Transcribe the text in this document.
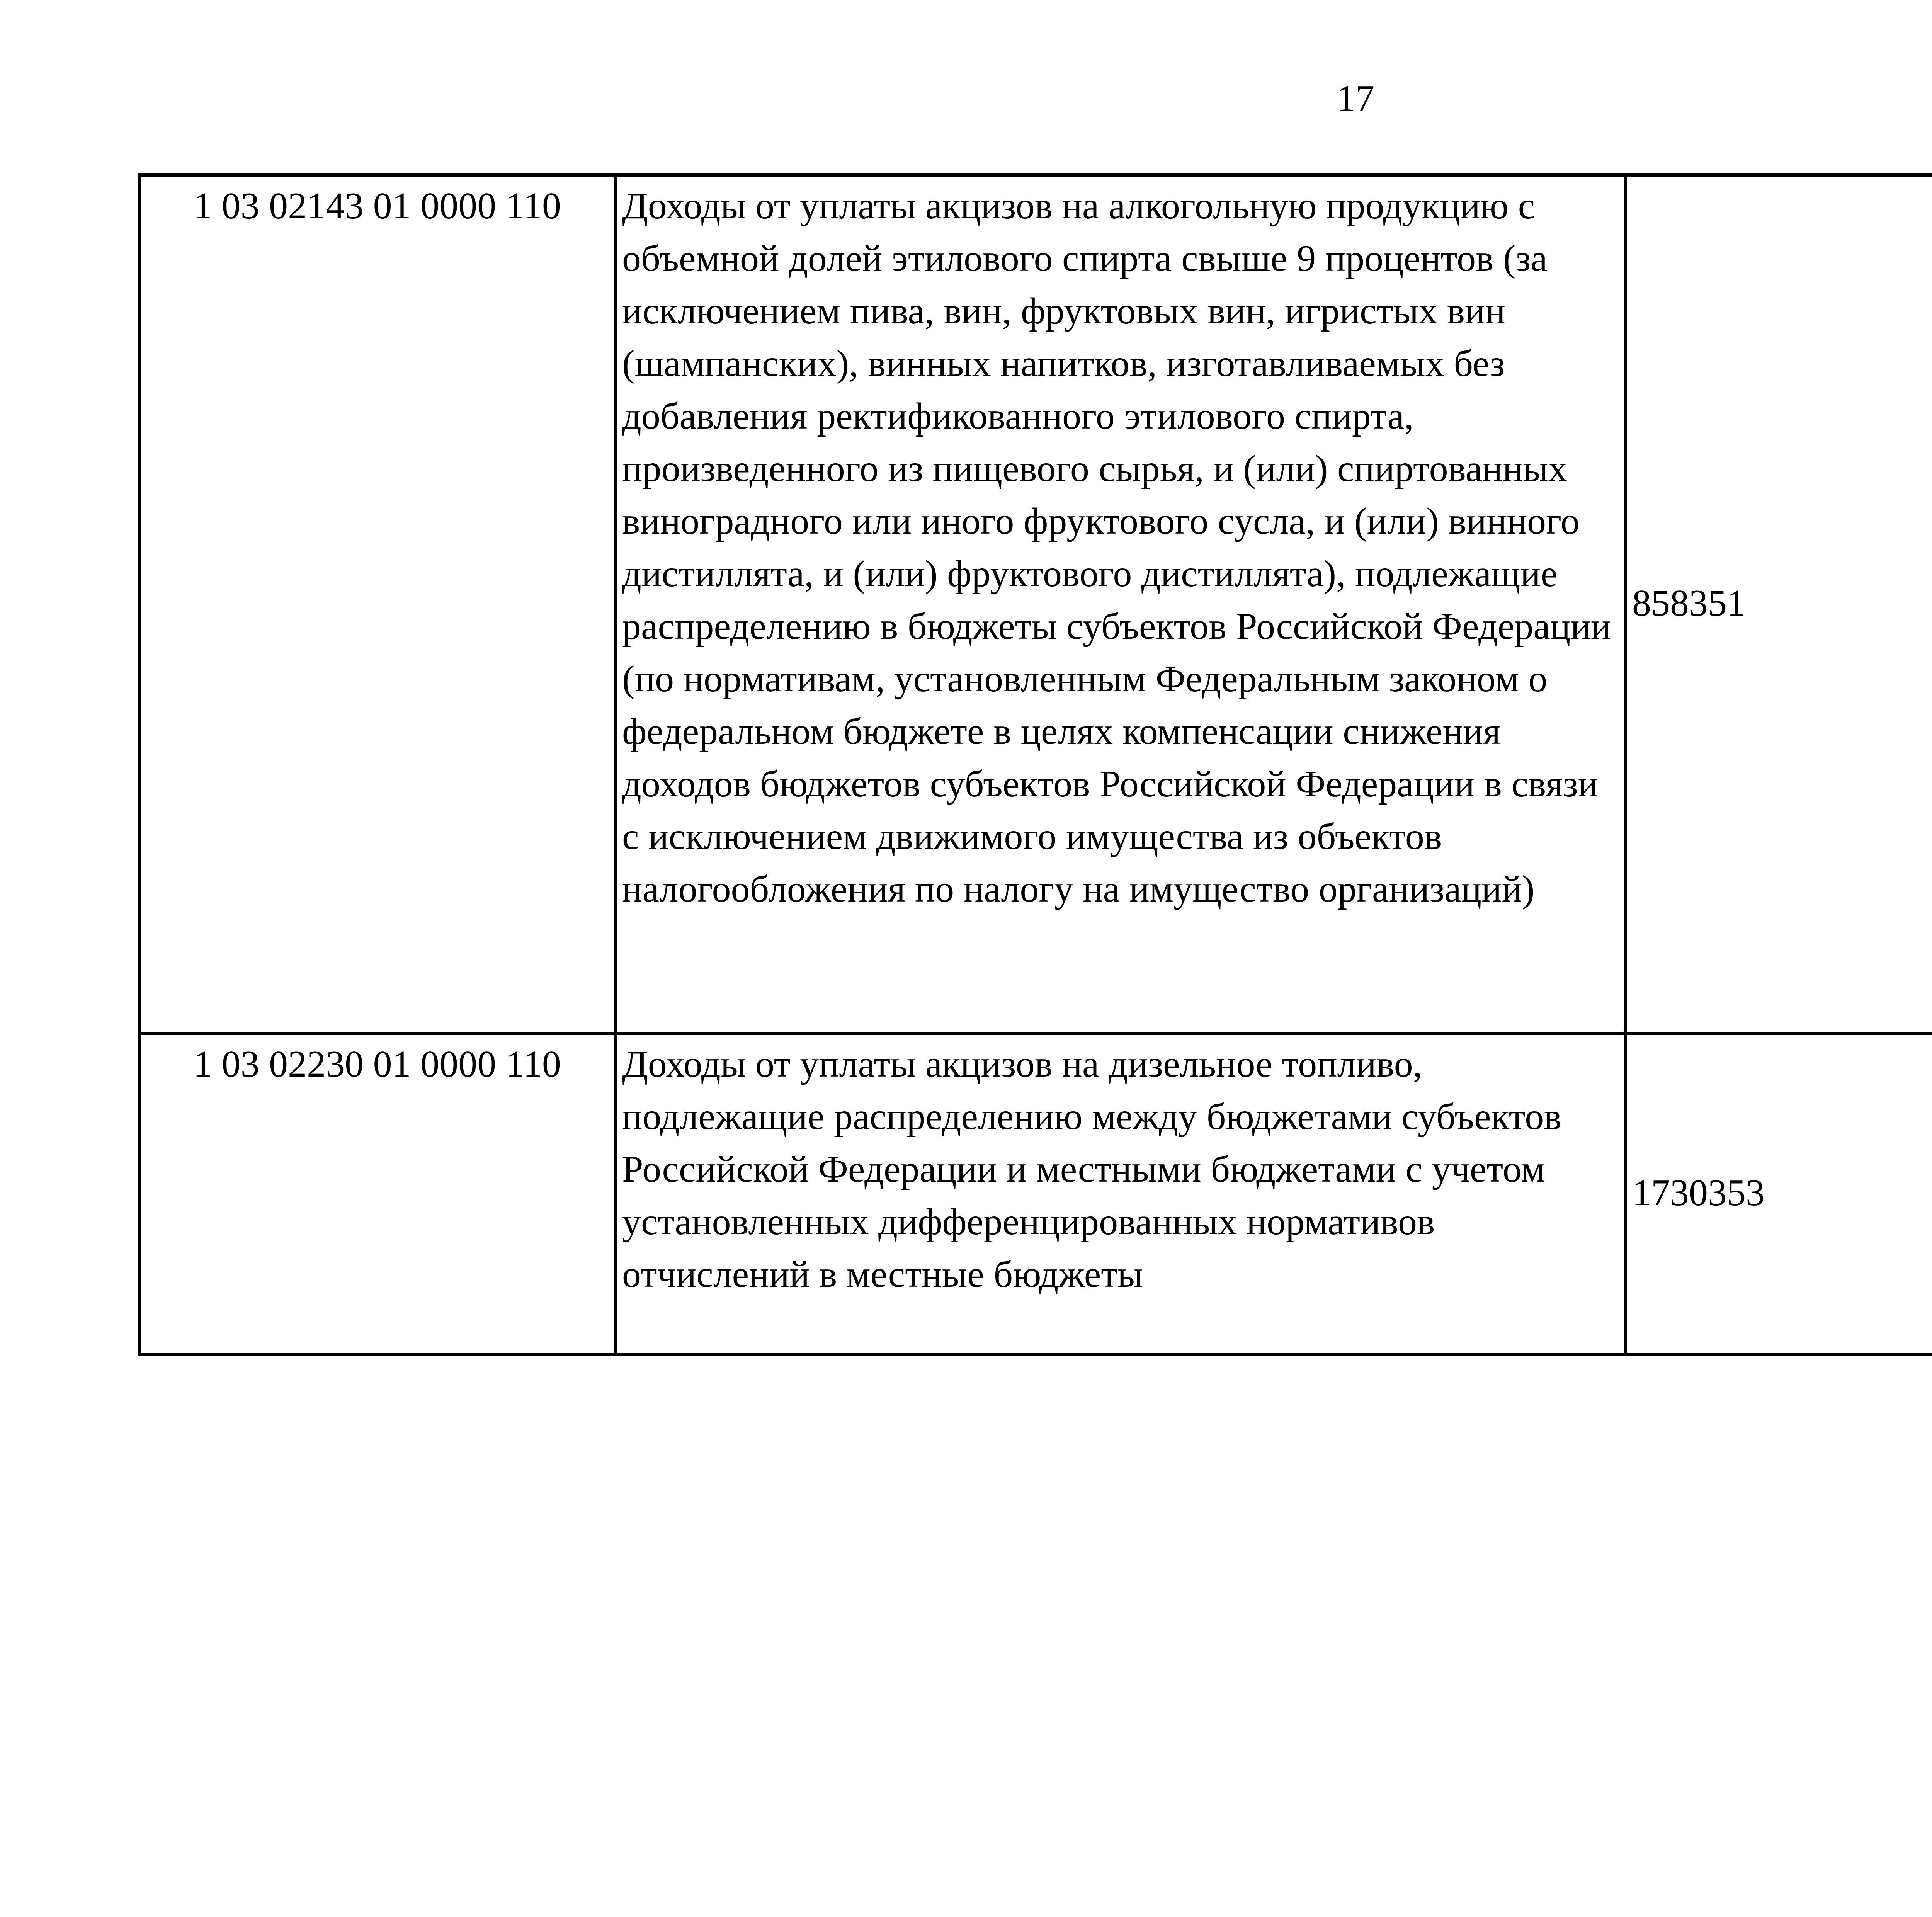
17
1 03 02143 01 0000 110	Доходы от уплаты акцизов на алкогольную продукцию с объемной долей этилового спирта свыше 9 процентов (за исключением пива, вин, фруктовых вин, игристых вин (шампанских), винных напитков, изготавливаемых без добавления ректификованного этилового спирта, произведенного из пищевого сырья, и (или) спиртованных виноградного или иного фруктового сусла, и (или) винного дистиллята, и (или) фруктового дистиллята), подлежащие распределению в бюджеты субъектов Российской Федерации (по нормативам, установленным Федеральным законом о федеральном бюджете в целях компенсации снижения доходов бюджетов субъектов Российской Федерации в связи с исключением движимого имущества из объектов налогообложения по налогу на имущество организаций)	858351		
1 03 02230 01 0000 110	Доходы от уплаты акцизов на дизельное топливо, подлежащие распределению между бюджетами субъектов Российской Федерации и местными бюджетами с учетом установленных дифференцированных нормативов отчислений в местные бюджеты	1730353		
